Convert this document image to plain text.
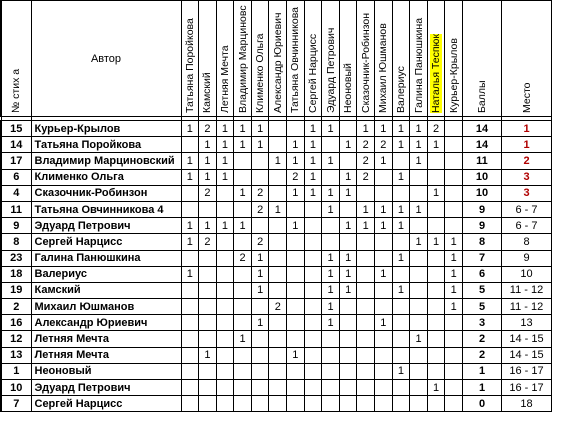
№ стих а	Автор	Татьяна Поройкова	Камский	Летняя Мечта	Владимир Марциновс	Клименко Ольга	Александр Юриевич	Татьяна Овчинникова	Сергей Нарцисс	Эдуард Петрович	Неоновый	Сказочник-Робинзон	Михаил Юшманов	Валериус	Галина Панюшкина	Наталья Теспюк	Курьер-Крылов	Баллы	Место

15	Курьер-Крылов	1	2	1	1	1			1	1		1	1	1	1	2		14	1
14	Татьяна Поройкова		1	1	1	1		1	1		1	2	2	1	1	1		14	1
17	Владимир Марциновский	1	1	1			1	1	1	1		2	1		1			11	2
6	Клименко Ольга	1	1	1				2	1		1	2		1				10	3
4	Сказочник-Робинзон		2		1	2		1	1	1	1					1		10	3
11	Татьяна Овчинникова 4					2	1			1		1	1	1	1			9	6 - 7
9	Эдуард Петрович	1	1	1	1			1			1	1	1	1				9	6 - 7
8	Сергей Нарцисс	1	2			2									1	1	1	8	8
23	Галина Панюшкина				2	1				1	1			1			1	7	9
18	Валериус	1				1				1	1		1				1	6	10
19	Камский					1				1	1			1			1	5	11 - 12
2	Михаил Юшманов						2			1							1	5	11 - 12
16	Александр Юриевич					1				1			1					3	13
12	Летняя Мечта				1										1			2	14 - 15
13	Летняя Мечта		1					1										2	14 - 15
1	Неоновый													1				1	16 - 17
10	Эдуард Петрович															1		1	16 - 17
7	Сергей Нарцисс																	0	18
